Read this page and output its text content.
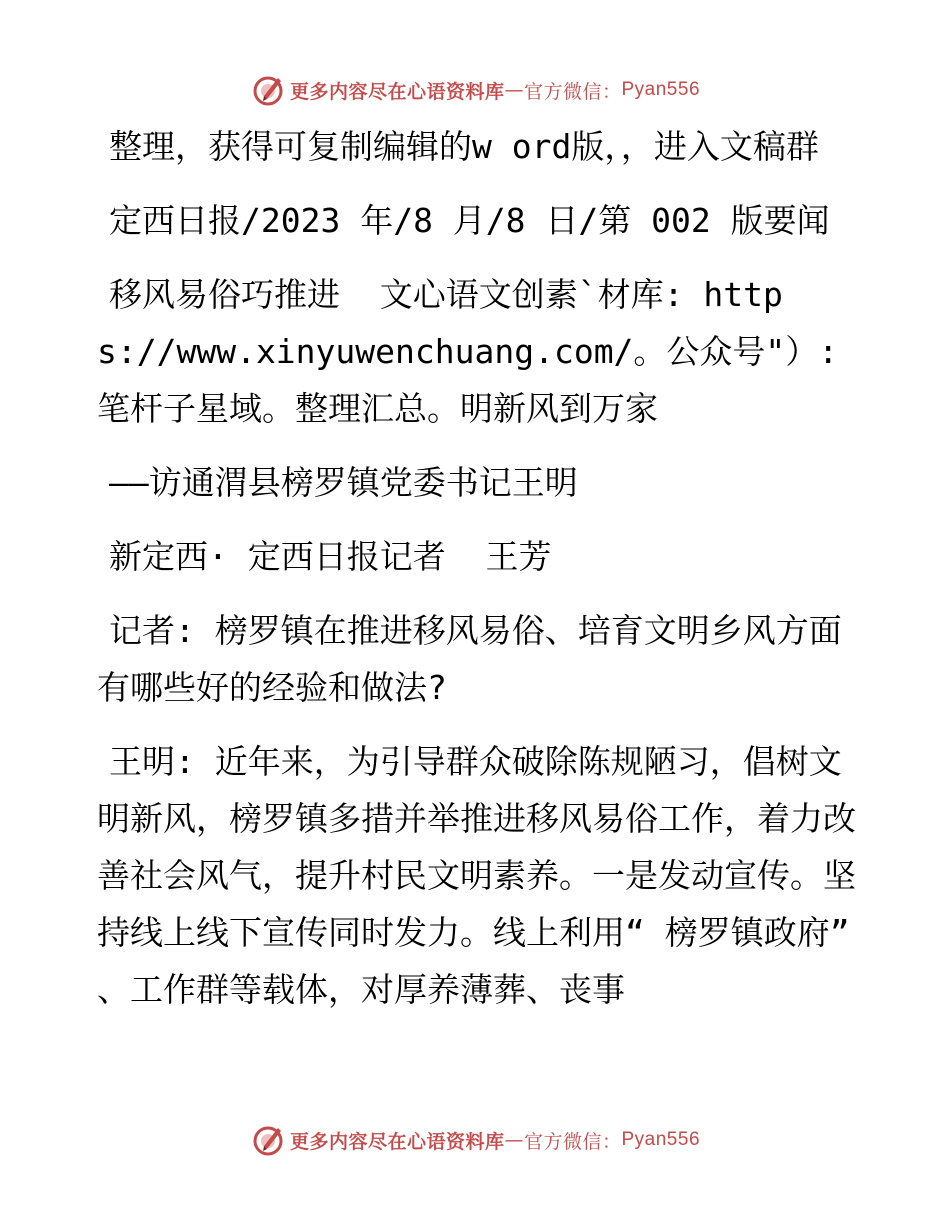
更多内容尽在心语资料库 — 官方微信： Pyan556

整理，获得可复制编辑的w ord版，，进入文稿群

定西日报/2023 年/8 月/8 日/第 002 版要闻

移风易俗巧推进  文心语文创素`材库: https://www.xinyuwenchuang.com/。公众号"）: 笔杆子星域。整理汇总。明新风到万家

——访通渭县榜罗镇党委书记王明

新定西· 定西日报记者  王芳

记者: 榜罗镇在推进移风易俗、培育文明乡风方面有哪些好的经验和做法?

王明: 近年来，为引导群众破除陈规陋习，倡树文明新风，榜罗镇多措并举推进移风易俗工作，着力改善社会风气，提升村民文明素养。一是发动宣传。坚持线上线下宣传同时发力。线上利用“ 榜罗镇政府” 、工作群等载体，对厚养薄葬、丧事

更多内容尽在心语资料库 — 官方微信： Pyan556
